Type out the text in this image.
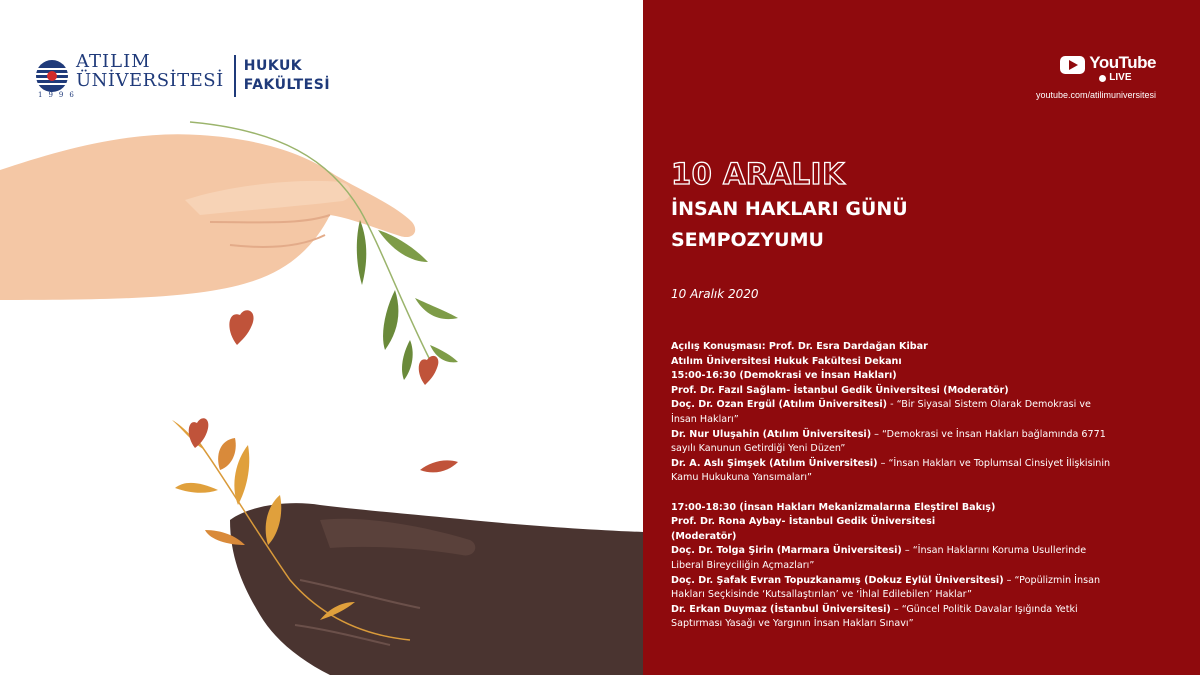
ATILIM
ÜNİVERSİTESİ
1996
HUKUK
FAKÜLTESİ
YouTube
LIVE
youtube.com/atilimuniversitesi
10 ARALIK
İNSAN HAKLARI GÜNÜ
SEMPOZYUMU
10 Aralık 2020
Açılış Konuşması: Prof. Dr. Esra Dardağan Kibar
Atılım Üniversitesi Hukuk Fakültesi Dekanı
15:00-16:30 (Demokrasi ve İnsan Hakları)
Prof. Dr. Fazıl Sağlam- İstanbul Gedik Üniversitesi (Moderatör)
Doç. Dr. Ozan Ergül (Atılım Üniversitesi) - “Bir Siyasal Sistem Olarak Demokrasi ve
İnsan Hakları”
Dr. Nur Uluşahin (Atılım Üniversitesi) – “Demokrasi ve İnsan Hakları bağlamında 6771
sayılı Kanunun Getirdiği Yeni Düzen”
Dr. A. Aslı Şimşek (Atılım Üniversitesi) – “İnsan Hakları ve Toplumsal Cinsiyet İlişkisinin
Kamu Hukukuna Yansımaları”
17:00-18:30 (İnsan Hakları Mekanizmalarına Eleştirel Bakış)
Prof. Dr. Rona Aybay- İstanbul Gedik Üniversitesi
(Moderatör)
Doç. Dr. Tolga Şirin (Marmara Üniversitesi) – “İnsan Haklarını Koruma Usullerinde
Liberal Bireyciliğin Açmazları”
Doç. Dr. Şafak Evran Topuzkanamış (Dokuz Eylül Üniversitesi) – “Popülizmin İnsan
Hakları Seçkisinde ‘Kutsallaştırılan’ ve ‘İhlal Edilebilen’ Haklar”
Dr. Erkan Duymaz (İstanbul Üniversitesi) – “Güncel Politik Davalar Işığında Yetki
Saptırması Yasağı ve Yargının İnsan Hakları Sınavı”
